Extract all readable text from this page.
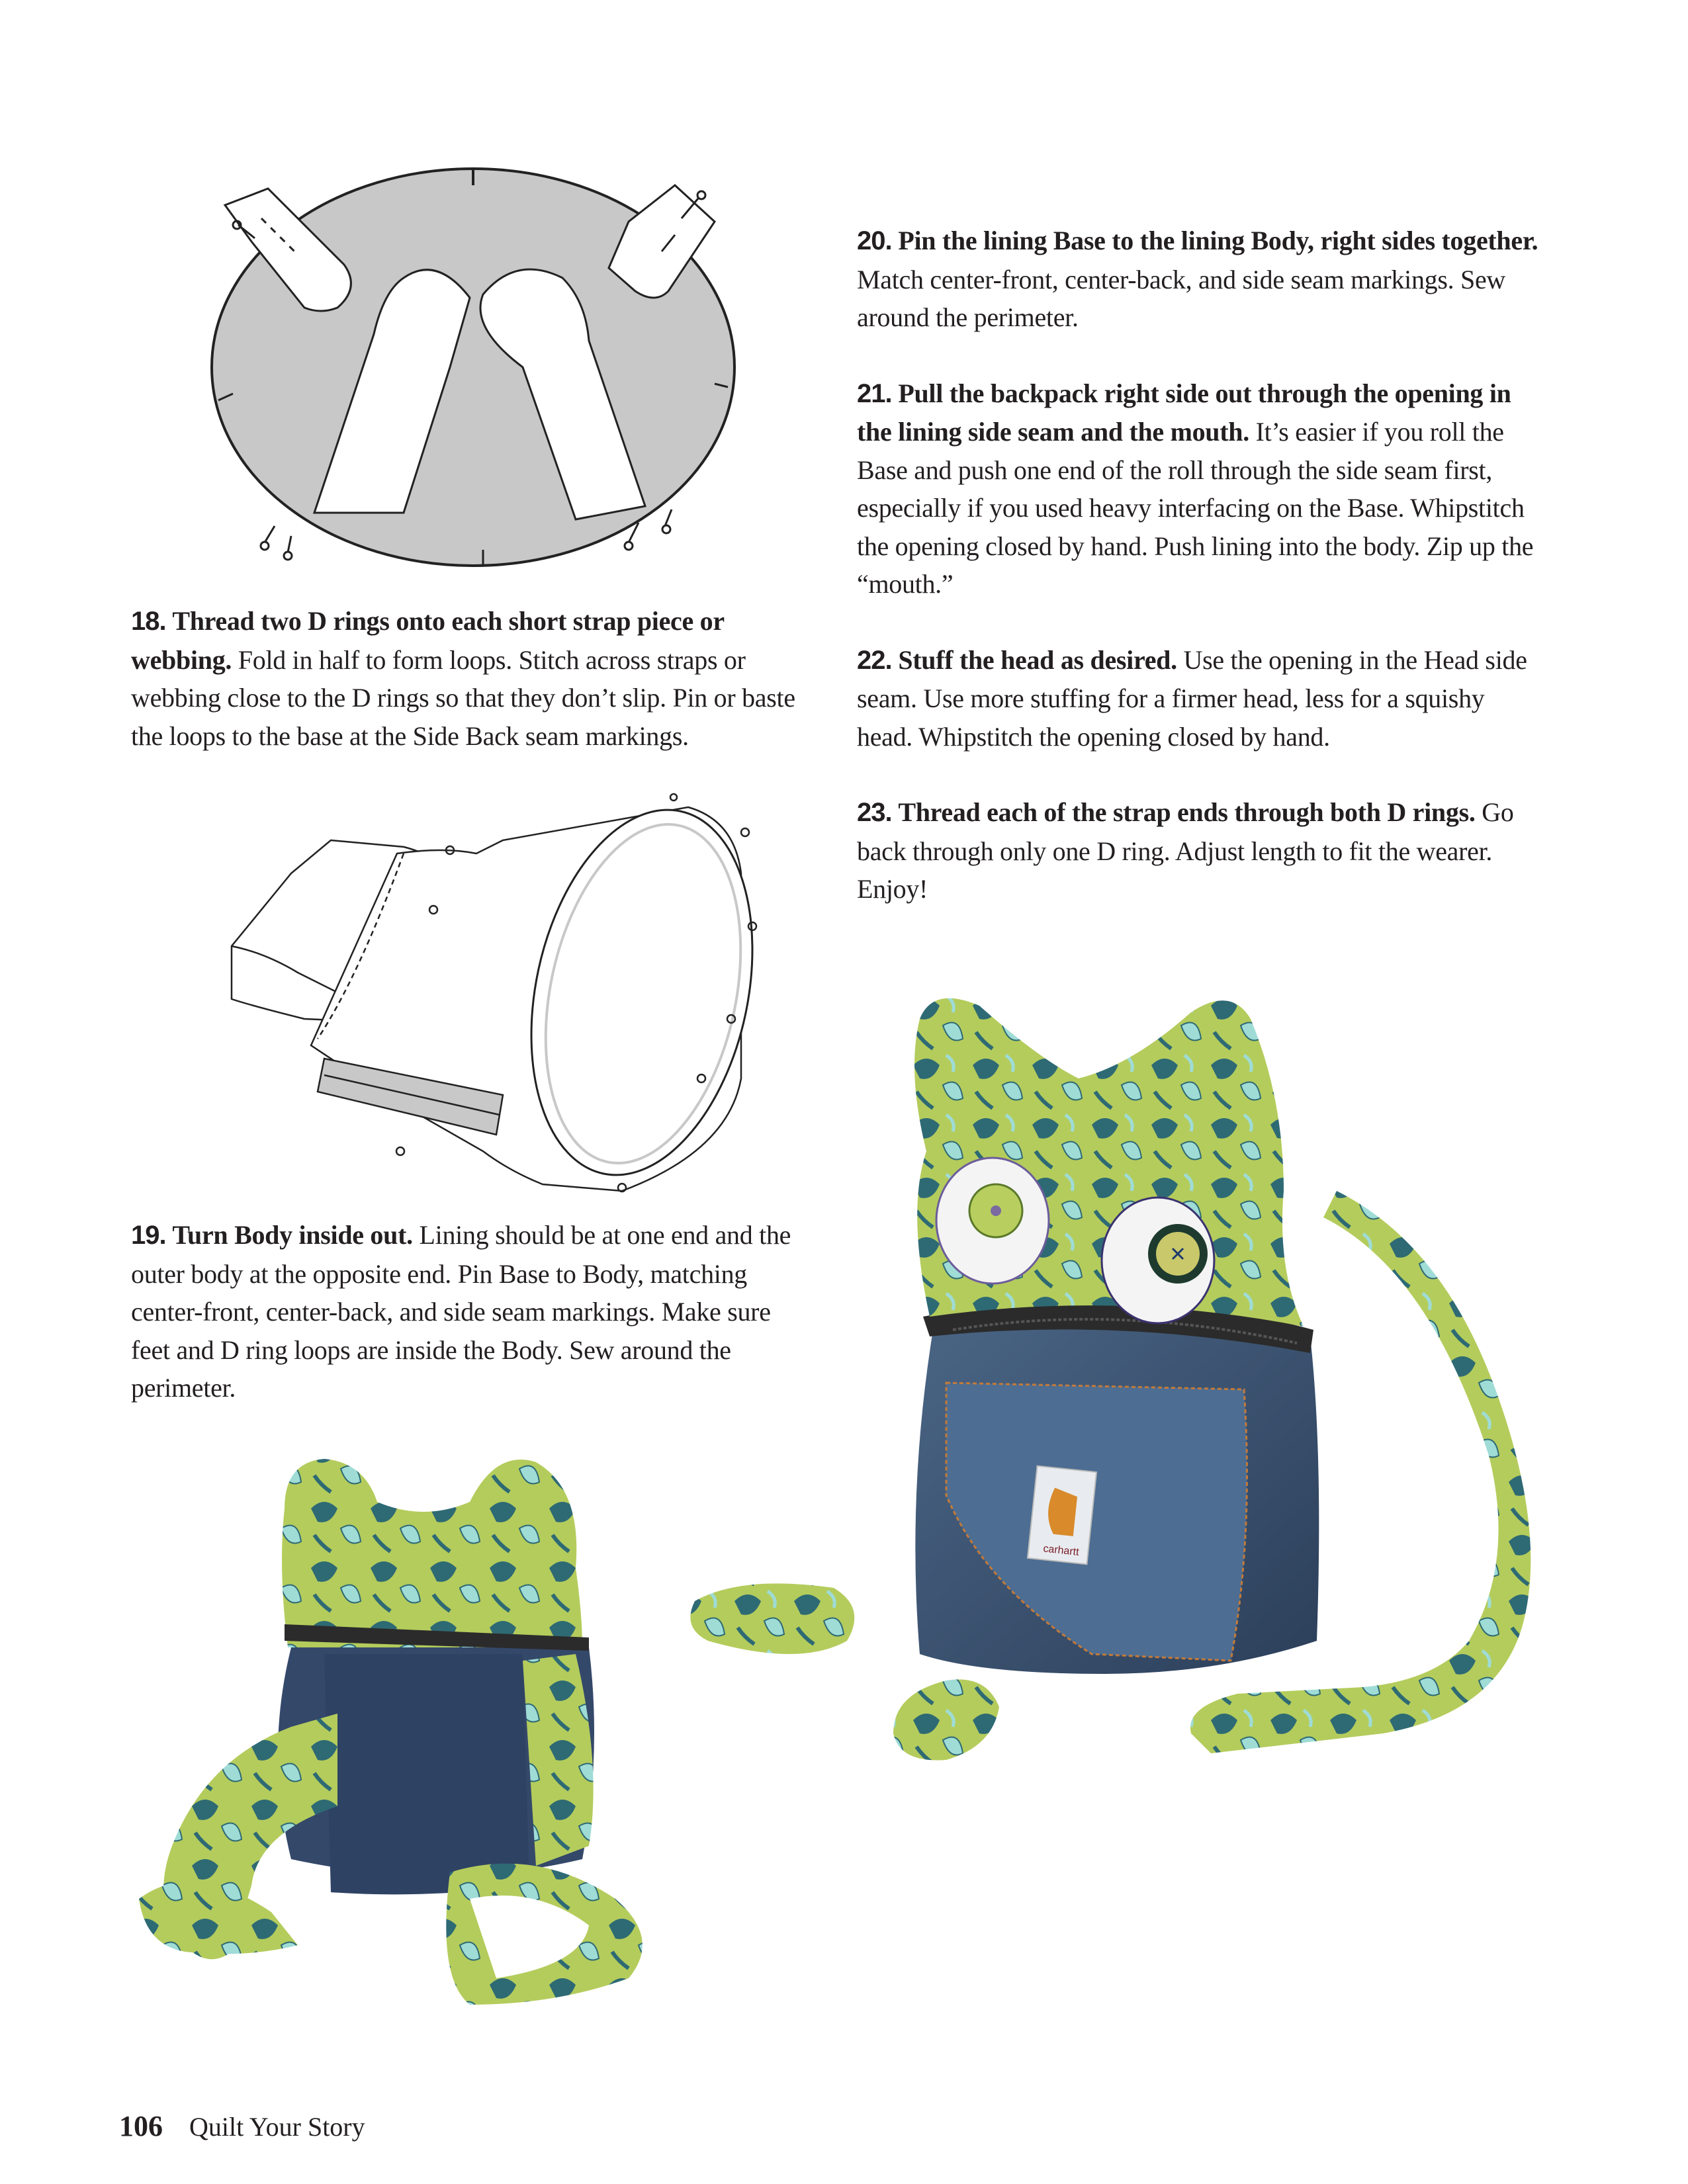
18. Thread two D rings onto each short strap piece or webbing. Fold in half to form loops. Stitch across straps or webbing close to the D rings so that they don’t slip. Pin or baste the loops to the base at the Side Back seam markings.
19. Turn Body inside out. Lining should be at one end and the outer body at the opposite end. Pin Base to Body, matching center-front, center-back, and side seam markings. Make sure feet and D ring loops are inside the Body. Sew around the perimeter.
20. Pin the lining Base to the lining Body, right sides together. Match center-front, center-back, and side seam markings. Sew around the perimeter.
21. Pull the backpack right side out through the opening in the lining side seam and the mouth. It’s easier if you roll the Base and push one end of the roll through the side seam first, especially if you used heavy interfacing on the Base. Whipstitch the opening closed by hand. Push lining into the body. Zip up the “mouth.”
22. Stuff the head as desired. Use the opening in the Head side seam. Use more stuffing for a firmer head, less for a squishy head. Whipstitch the opening closed by hand.
23. Thread each of the strap ends through both D rings. Go back through only one D ring. Adjust length to fit the wearer. Enjoy!
carhartt
106 Quilt Your Story
